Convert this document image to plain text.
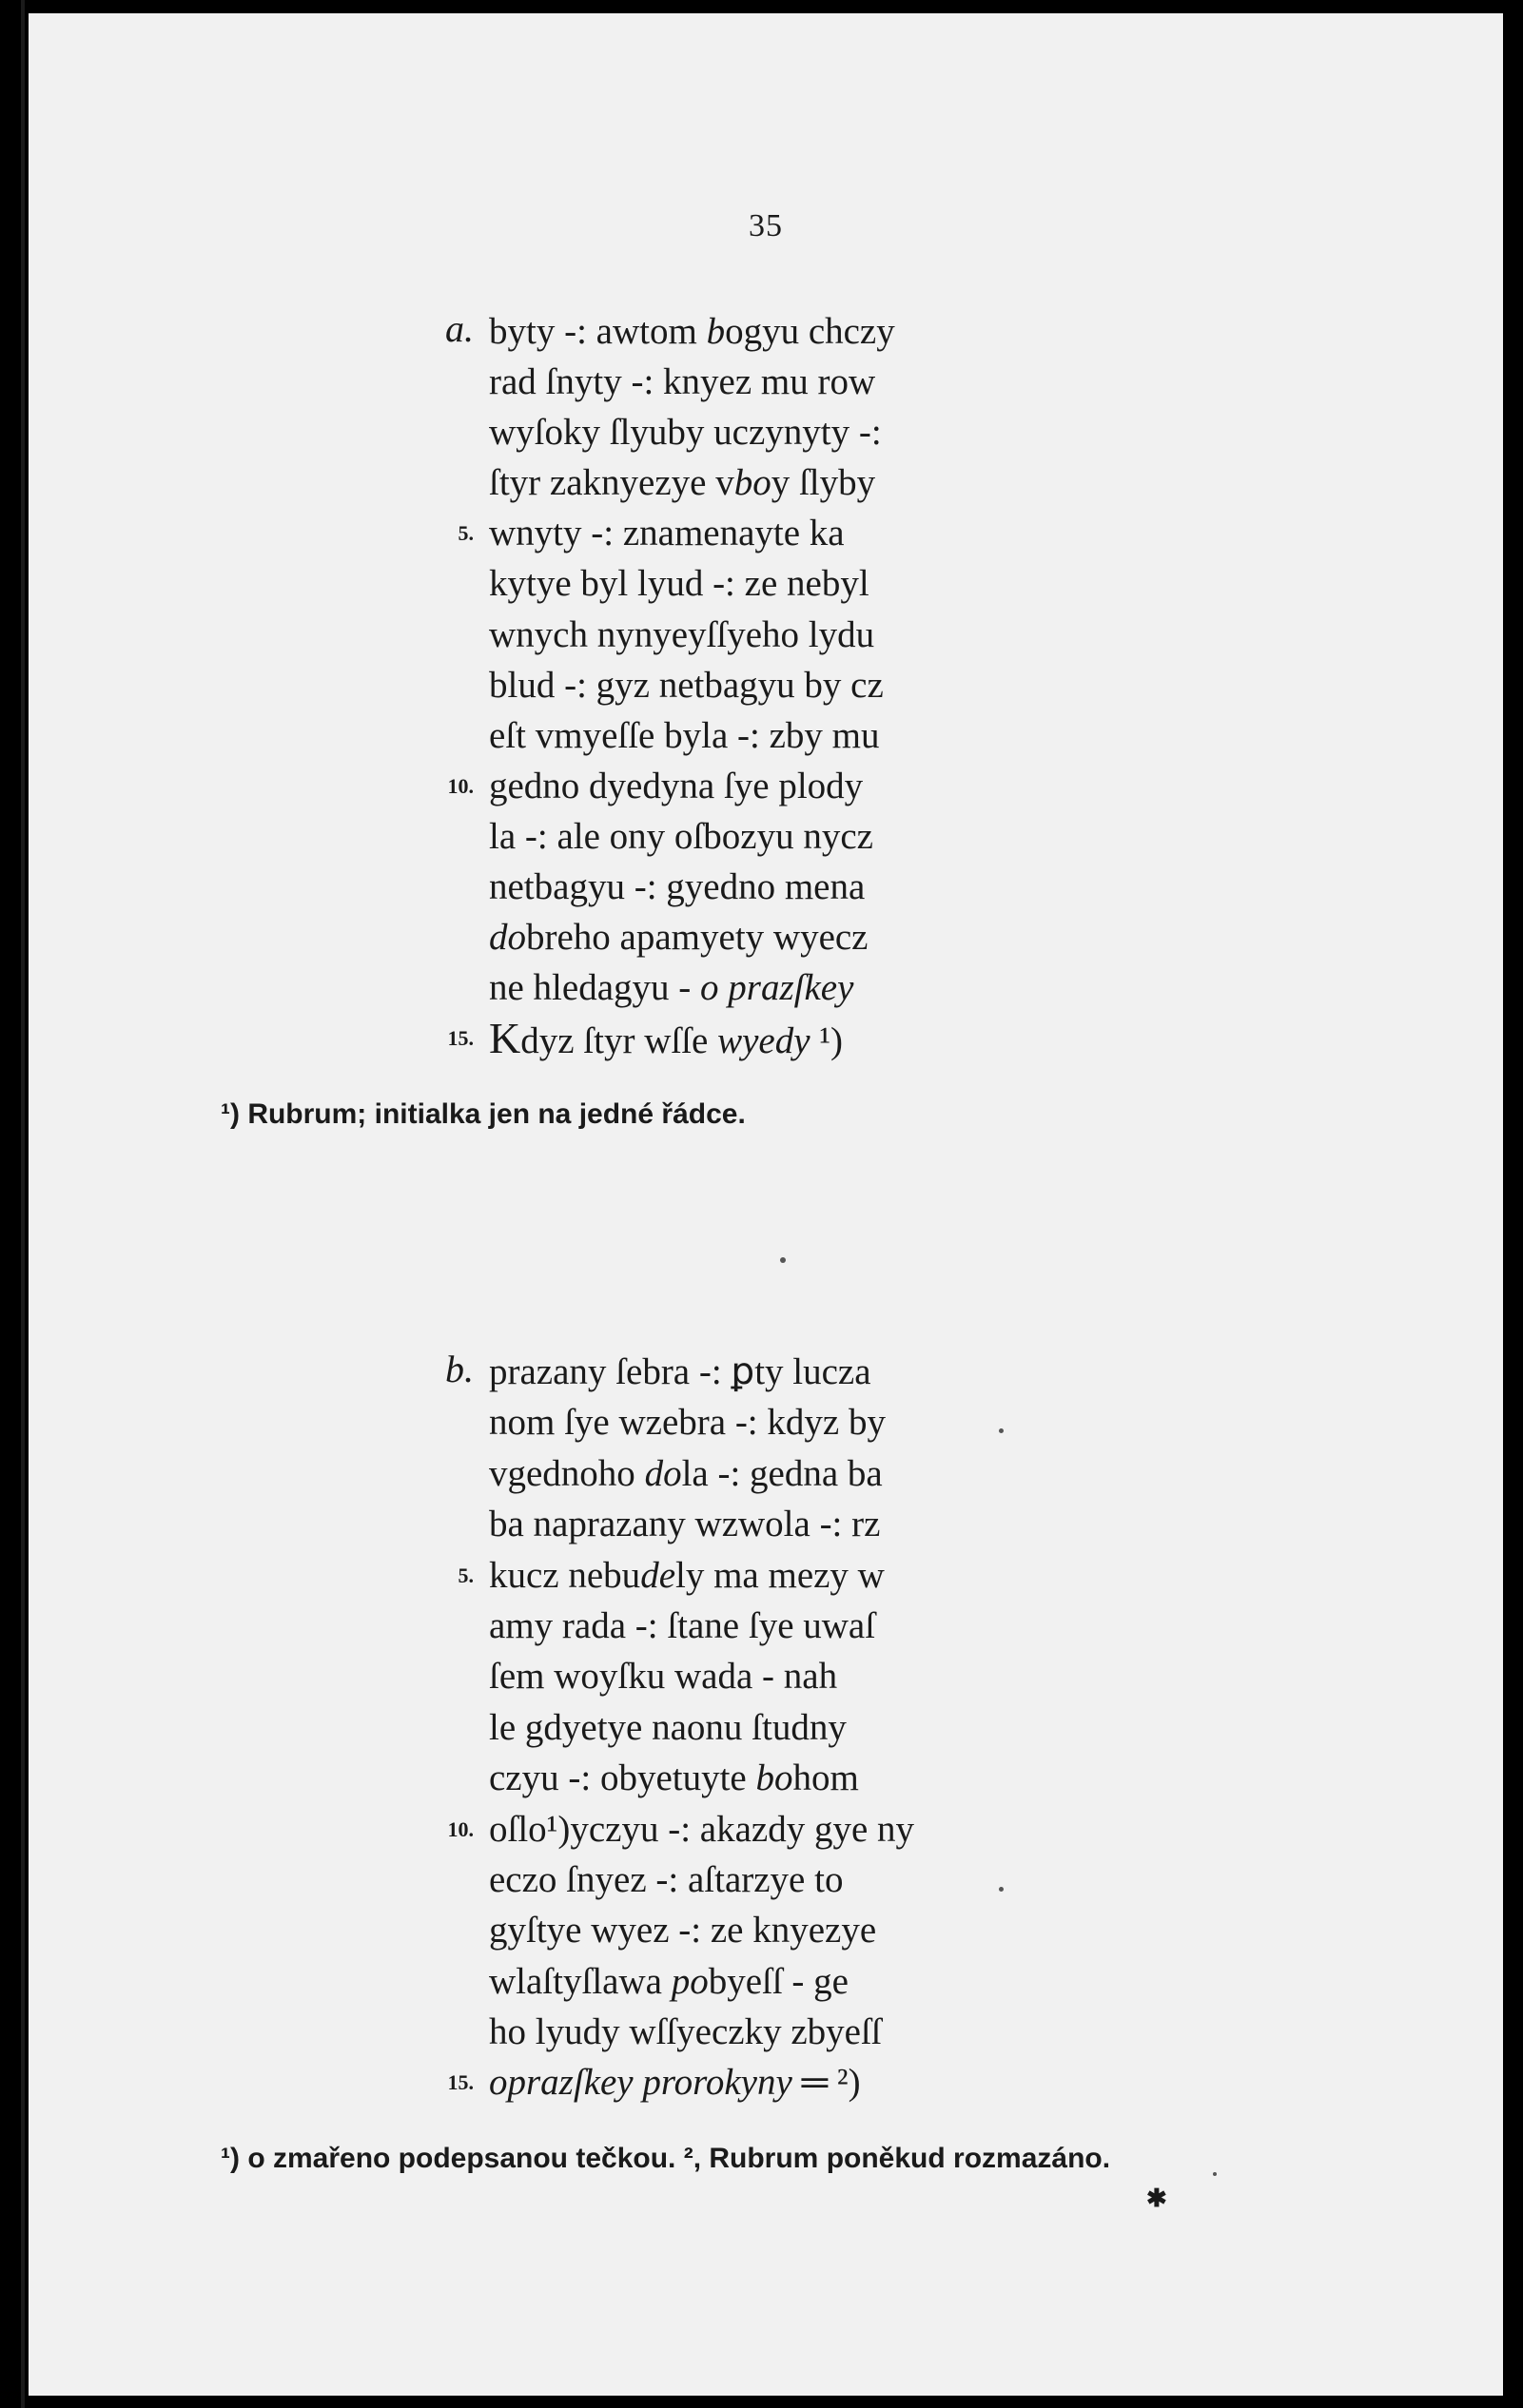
35
a. byty -: awtom bogyu chczy
rad ſnyty -: knyez mu row
wyſoky ſlyuby uczynyty -:
ſtyr zaknyezye vboy ſlyby
5. wnyty -: znamenayte ka
kytye byl lyud -: ze nebyl
wnych nynyeyſſyeho lydu
blud -: gyz netbagyu by cz
eſt vmyeſſe byla -: zby mu
10. gedno dyedyna ſye plody
la -: ale ony oſbozyu nycz
netbagyu -: gyedno mena
dobreho apamyety wyecz
ne hledagyu - o prazſkey
15. Kdyz ſtyr wſſe wyedy ¹)
¹) Rubrum; initialka jen na jedné řádce.
b. prazany ſebra -: ꝑty lucza
nom ſye wzebra -: kdyz by
vgednoho dola -: gedna ba
ba naprazany wzwola -: rz
5. kucz nebudely ma mezy w
amy rada -: ſtane ſye uwaſ
ſem woyſku wada - nah
le gdyetye naonu ſtudny
czyu -: obyetuyte bohom
10. oſlo¹)yczyu -: akazdy gye ny
eczo ſnyez -: aſtarzye to
gyſtye wyez -: ze knyezye
wlaſtyſlawa pobyeſſ - ge
ho lyudy wſſyeczky zbyeſſ
15. oprazſkey prorokyny ═ ²)
¹) o zmařeno podepsanou tečkou. ², Rubrum poněkud rozmazáno.
✱
